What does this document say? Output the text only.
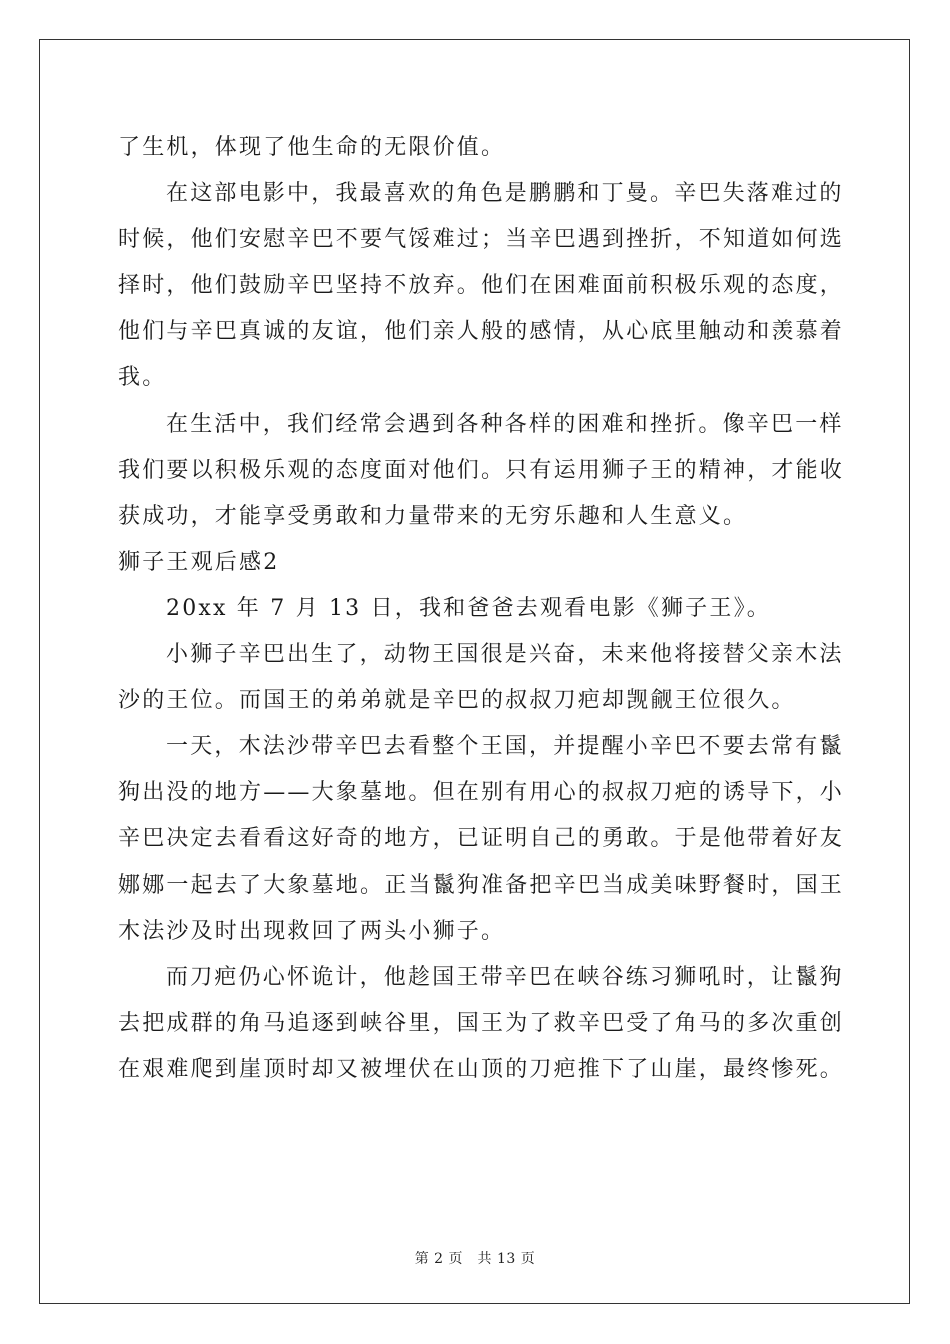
了生机，体现了他生命的无限价值。
在这部电影中，我最喜欢的角色是鹏鹏和丁曼。辛巴失落难过的
时候，他们安慰辛巴不要气馁难过；当辛巴遇到挫折，不知道如何选
择时，他们鼓励辛巴坚持不放弃。他们在困难面前积极乐观的态度，
他们与辛巴真诚的友谊，他们亲人般的感情，从心底里触动和羡慕着
我。
在生活中，我们经常会遇到各种各样的困难和挫折。像辛巴一样
我们要以积极乐观的态度面对他们。只有运用狮子王的精神，才能收
获成功，才能享受勇敢和力量带来的无穷乐趣和人生意义。
狮子王观后感2
20xx 年 7 月 13 日，我和爸爸去观看电影《狮子王》。
小狮子辛巴出生了，动物王国很是兴奋，未来他将接替父亲木法
沙的王位。而国王的弟弟就是辛巴的叔叔刀疤却觊觎王位很久。
一天，木法沙带辛巴去看整个王国，并提醒小辛巴不要去常有鬣
狗出没的地方——大象墓地。但在别有用心的叔叔刀疤的诱导下，小
辛巴决定去看看这好奇的地方，已证明自己的勇敢。于是他带着好友
娜娜一起去了大象墓地。正当鬣狗准备把辛巴当成美味野餐时，国王
木法沙及时出现救回了两头小狮子。
而刀疤仍心怀诡计，他趁国王带辛巴在峡谷练习狮吼时，让鬣狗
去把成群的角马追逐到峡谷里，国王为了救辛巴受了角马的多次重创
在艰难爬到崖顶时却又被埋伏在山顶的刀疤推下了山崖，最终惨死。
第 2 页　共 13 页
